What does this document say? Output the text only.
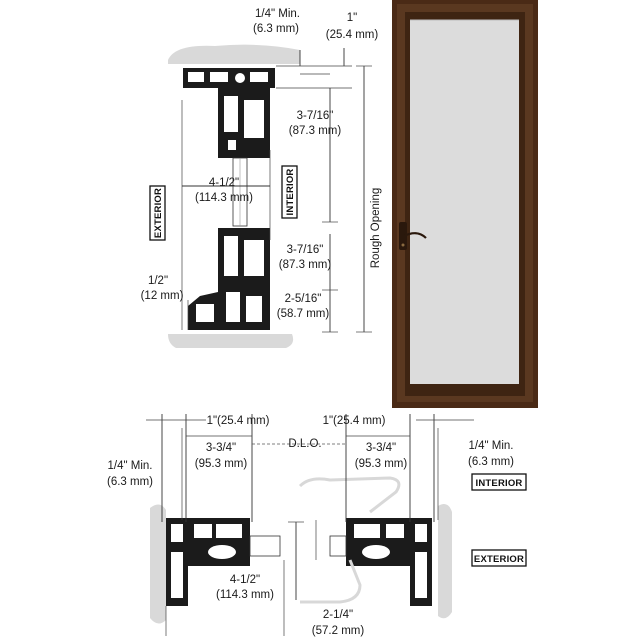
1/4" Min.
(6.3 mm)
1"
(25.4 mm)
3-7/16"
(87.3 mm)
4-1/2"
(114.3 mm)
3-7/16"
(87.3 mm)
2-5/16"
(58.7 mm)
1/2"
(12 mm)
Rough Opening
EXTERIOR	INTERIOR
1"(25.4 mm)	1"(25.4 mm)
3-3/4"
(95.3 mm)
D.L.O.	3-3/4"
(95.3 mm)
1/4" Min.
(6.3 mm)
1/4" Min.
(6.3 mm)
4-1/2"
(114.3 mm)
2-1/4"
(57.2 mm)
INTERIOR
EXTERIOR
